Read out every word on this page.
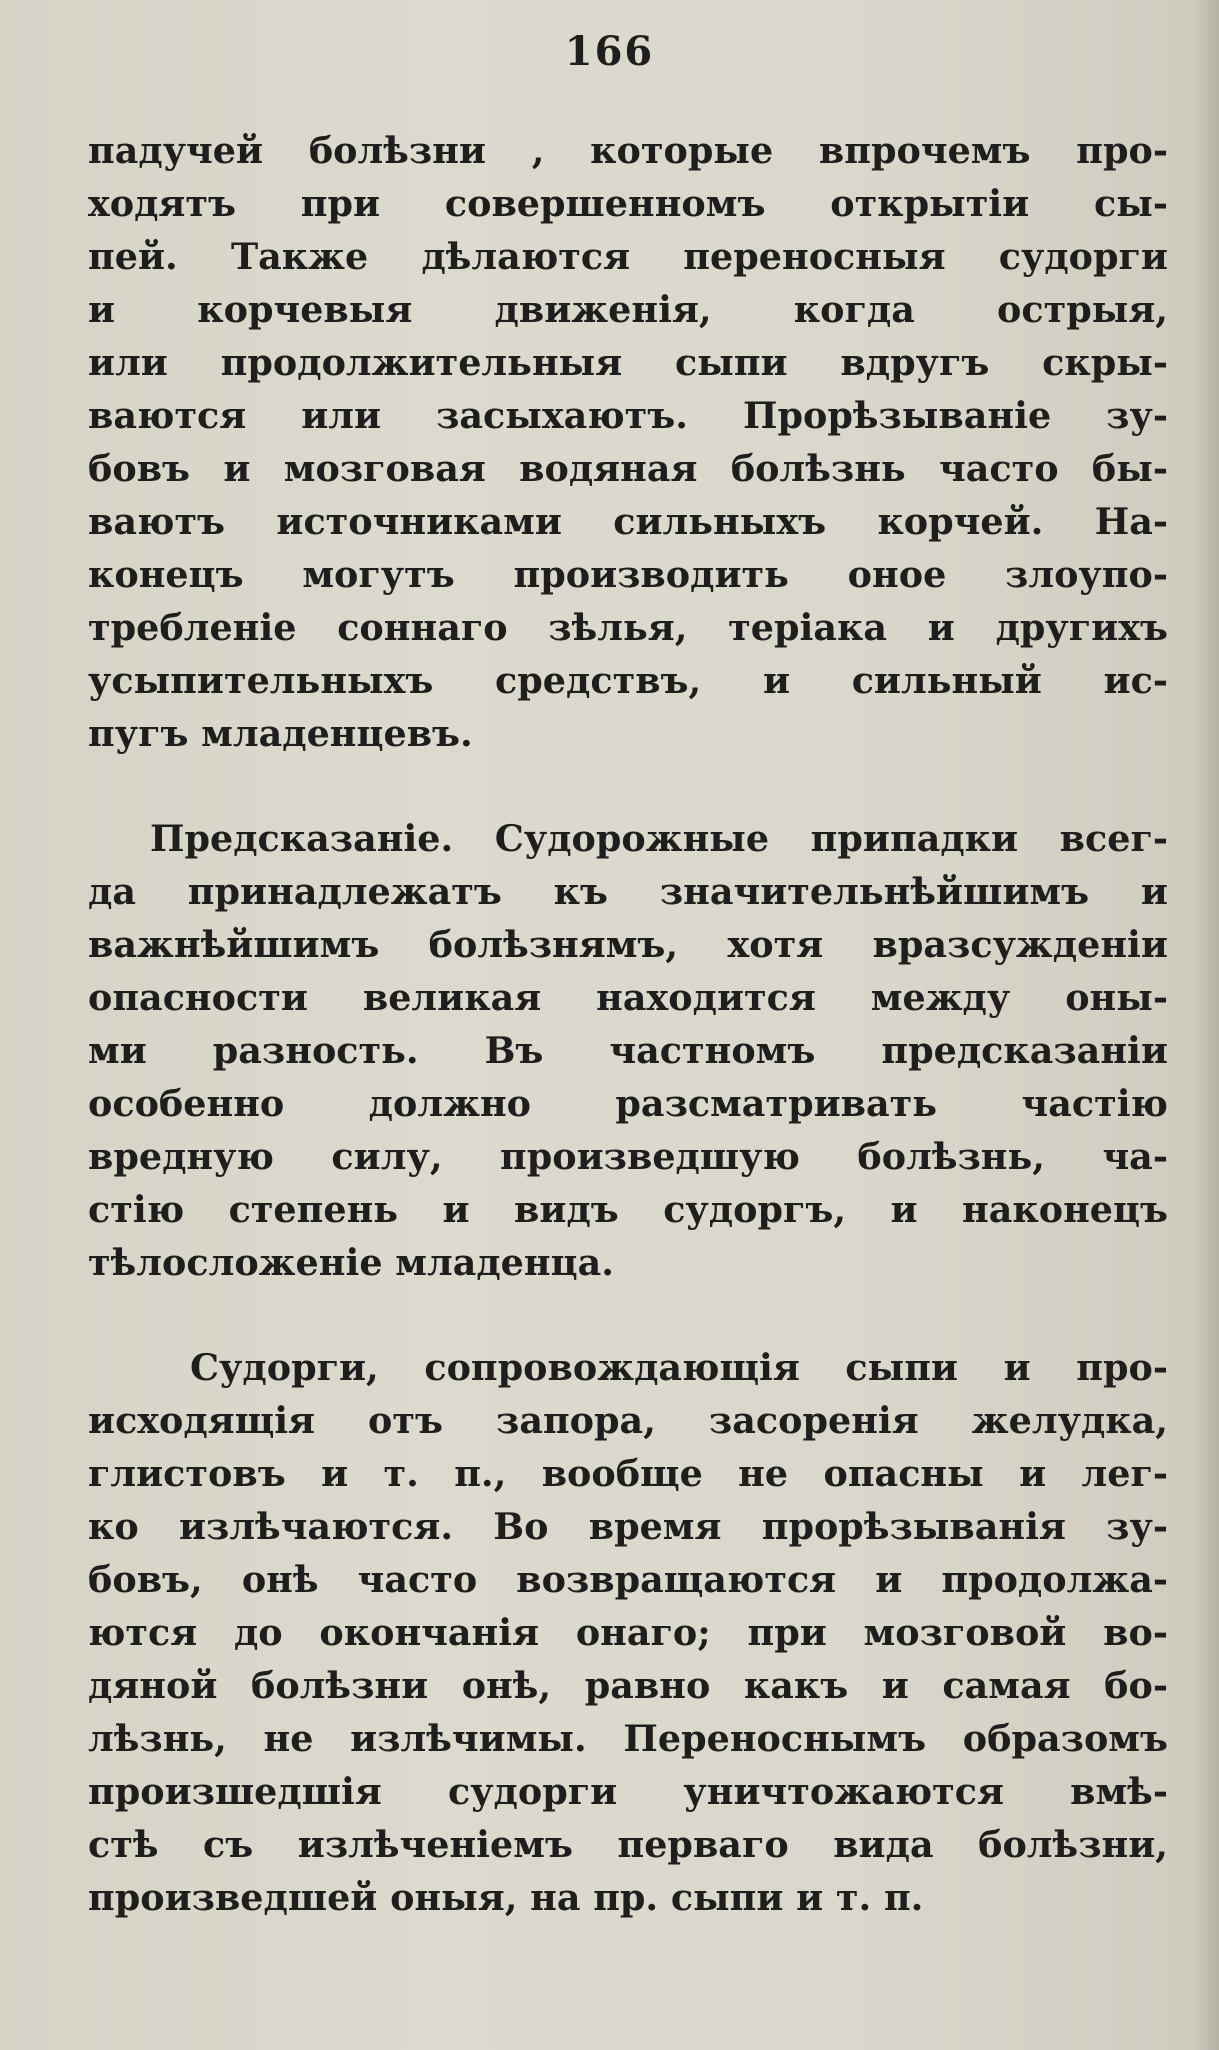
166
падучей болѣзни , которые впрочемъ про-
ходятъ при совершенномъ открытіи сы-
пей. Также дѣлаются переносныя судорги
и корчевыя движенія, когда острыя,
или продолжительныя сыпи вдругъ скры-
ваются или засыхаютъ. Прорѣзываніе зу-
бовъ и мозговая водяная болѣзнь часто бы-
ваютъ источниками сильныхъ корчей. На-
конецъ могутъ производить оное злоупо-
требленіе соннаго зѣлья, теріака и другихъ
усыпительныхъ средствъ, и сильный ис-
пугъ младенцевъ.
Предсказаніе. Судорожные припадки всег-
да принадлежатъ къ значительнѣйшимъ и
важнѣйшимъ болѣзнямъ, хотя вразсужденіи
опасности великая находится между оны-
ми разность. Въ частномъ предсказаніи
особенно должно разсматривать частію
вредную силу, произведшую болѣзнь, ча-
стію степень и видъ судоргъ, и наконецъ
тѣлосложеніе младенца.
Судорги, сопровождающія сыпи и про-
исходящія отъ запора, засоренія желудка,
глистовъ и т. п., вообще не опасны и лег-
ко излѣчаются. Во время прорѣзыванія зу-
бовъ, онѣ часто возвращаются и продолжа-
ются до окончанія онаго; при мозговой во-
дяной болѣзни онѣ, равно какъ и самая бо-
лѣзнь, не излѣчимы. Переноснымъ образомъ
произшедшія судорги уничтожаются вмѣ-
стѣ съ излѣченіемъ перваго вида болѣзни,
произведшей оныя, на пр. сыпи и т. п.
